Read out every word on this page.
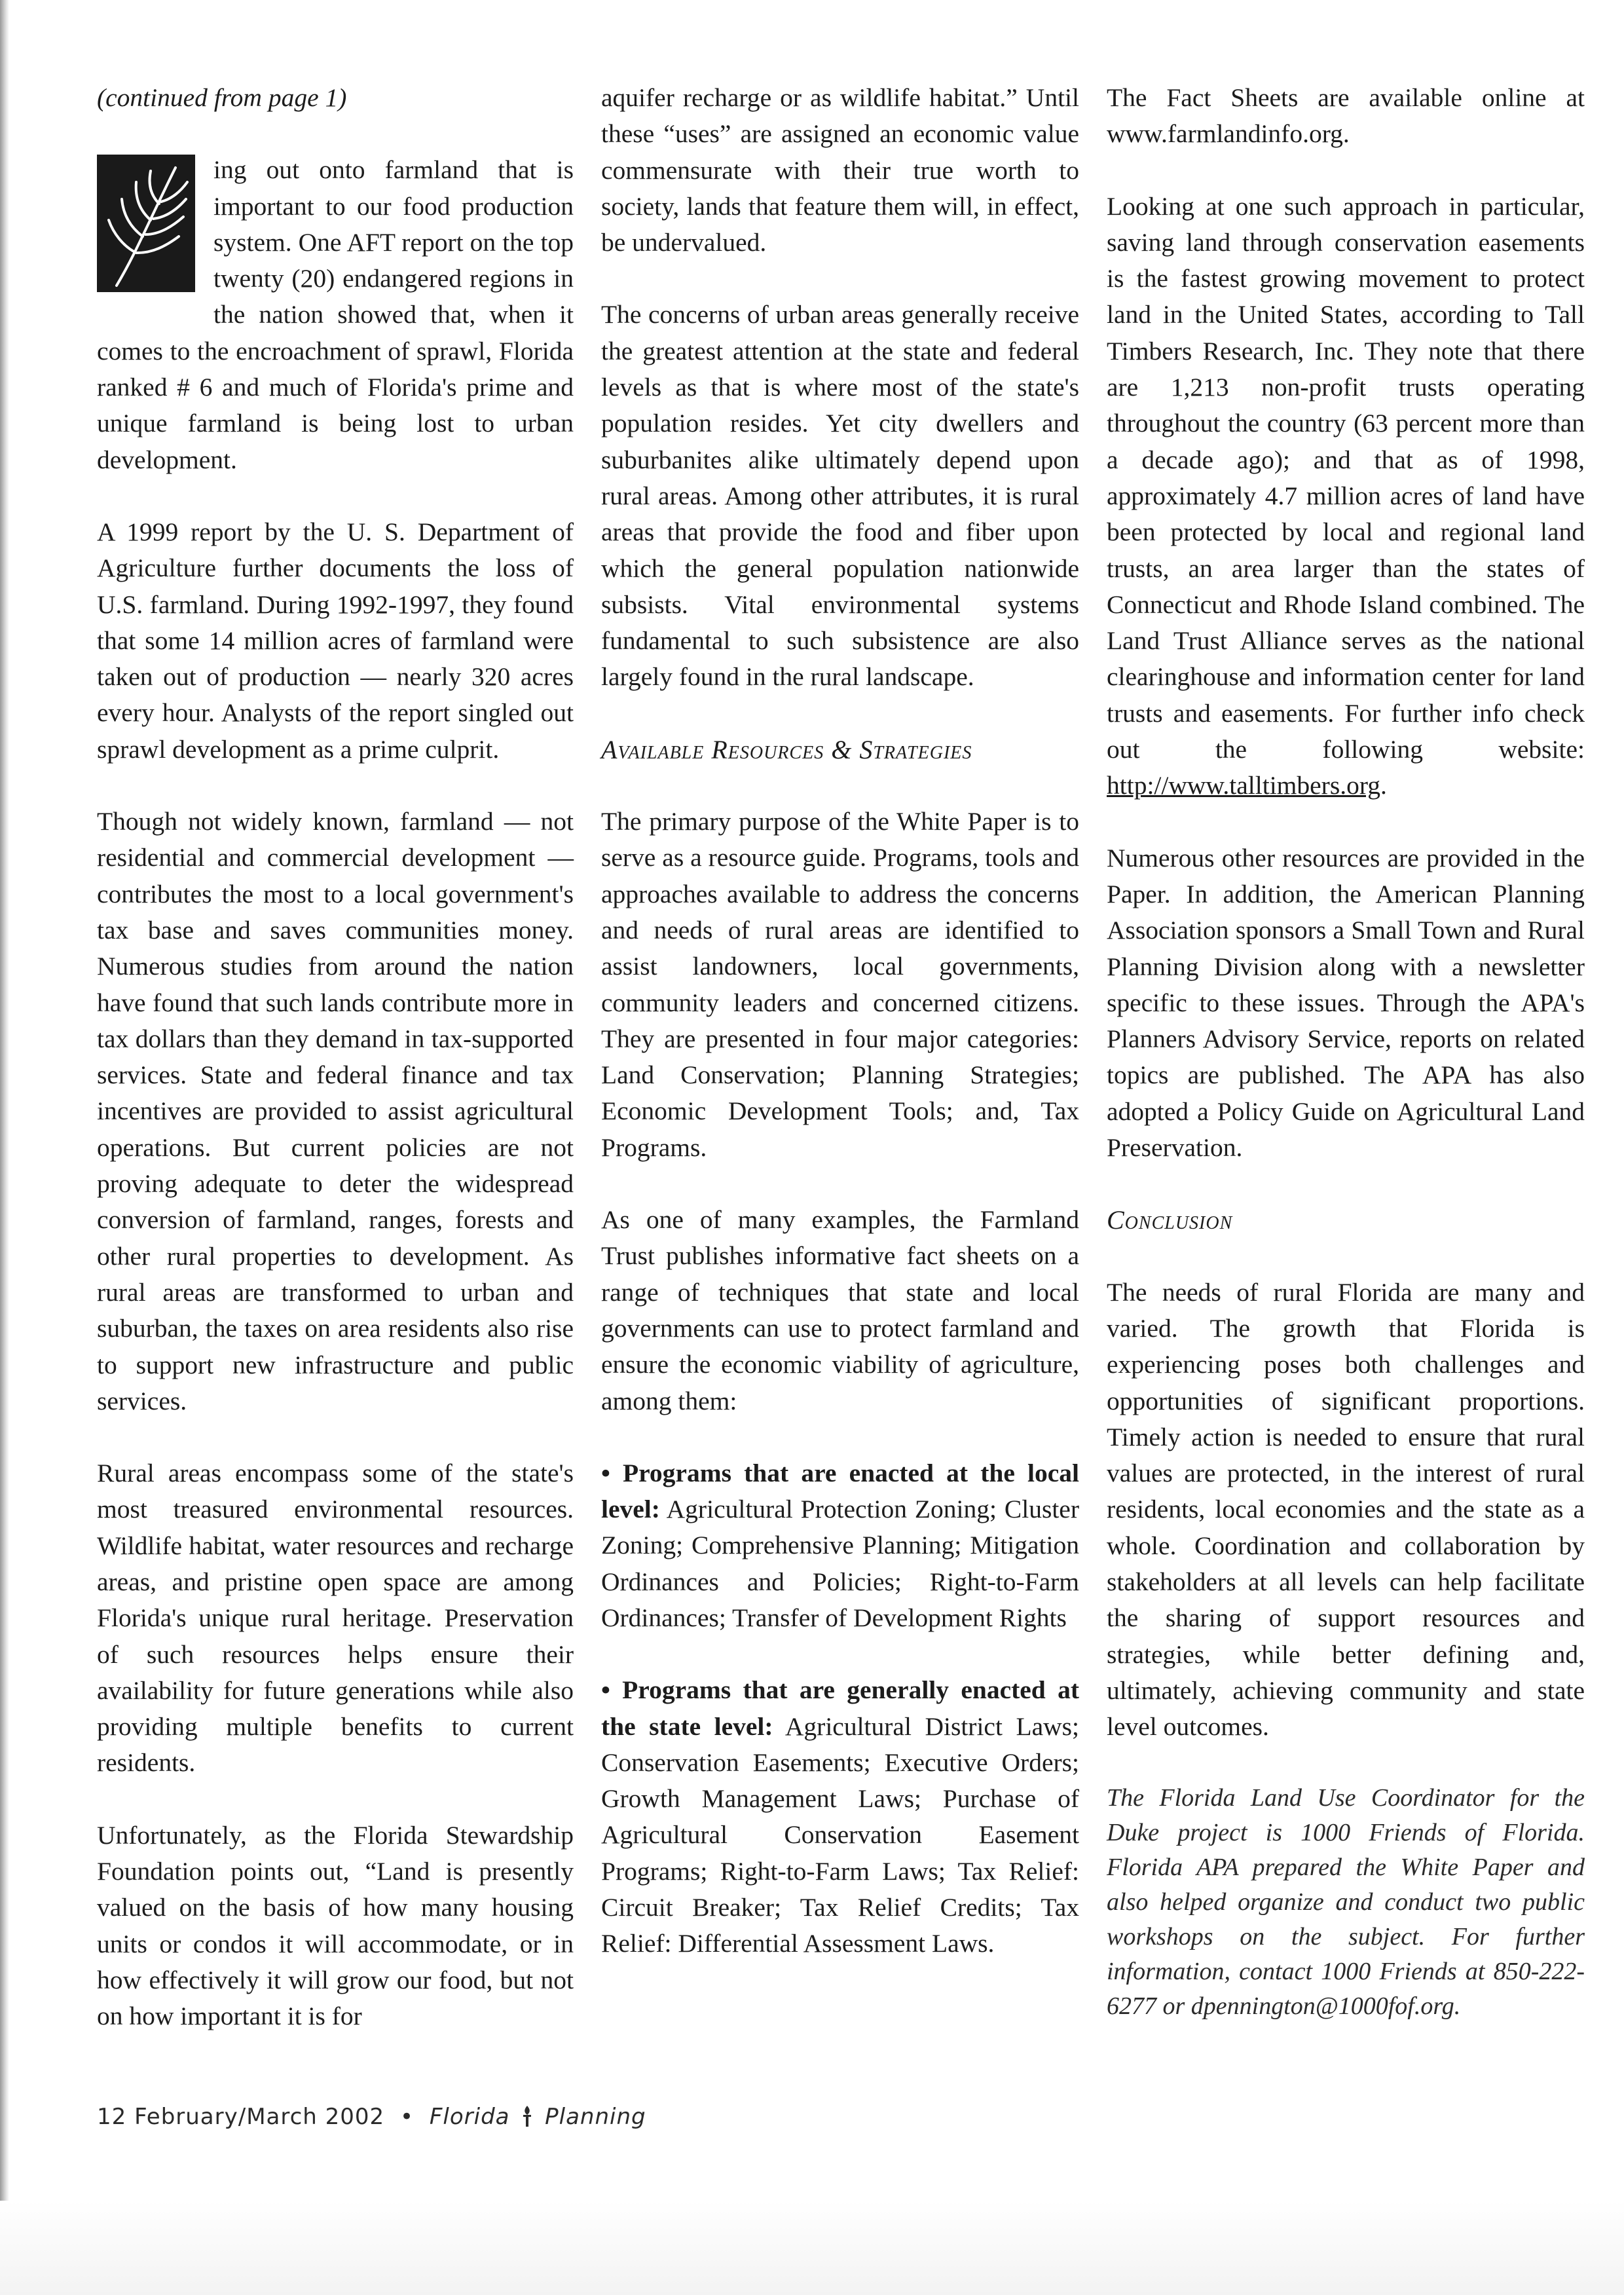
(continued from page 1)

ing out onto farmland that is important to our food production system. One AFT report on the top twenty (20) endangered regions in the nation showed that, when it comes to the encroachment of sprawl, Florida ranked # 6 and much of Florida's prime and unique farmland is being lost to urban development.

A 1999 report by the U. S. Department of Agriculture further documents the loss of U.S. farmland. During 1992-1997, they found that some 14 million acres of farmland were taken out of production — nearly 320 acres every hour. Analysts of the report singled out sprawl development as a prime culprit.

Though not widely known, farmland — not residential and commercial development — contributes the most to a local government's tax base and saves communities money. Numerous studies from around the nation have found that such lands contribute more in tax dollars than they demand in tax-supported services. State and federal finance and tax incentives are provided to assist agricultural operations. But current policies are not proving adequate to deter the widespread conversion of farmland, ranges, forests and other rural properties to development. As rural areas are transformed to urban and suburban, the taxes on area residents also rise to support new infrastructure and public services.

Rural areas encompass some of the state's most treasured environmental resources. Wildlife habitat, water resources and recharge areas, and pristine open space are among Florida's unique rural heritage. Preservation of such resources helps ensure their availability for future generations while also providing multiple benefits to current residents.

Unfortunately, as the Florida Stewardship Foundation points out, “Land is presently valued on the basis of how many housing units or condos it will accommodate, or in how effectively it will grow our food, but not on how important it is for

aquifer recharge or as wildlife habitat.” Until these “uses” are assigned an economic value commensurate with their true worth to society, lands that feature them will, in effect, be undervalued.

The concerns of urban areas generally receive the greatest attention at the state and federal levels as that is where most of the state's population resides. Yet city dwellers and suburbanites alike ultimately depend upon rural areas. Among other attributes, it is rural areas that provide the food and fiber upon which the general population nationwide subsists. Vital environmental systems fundamental to such subsistence are also largely found in the rural landscape.

Available Resources & Strategies

The primary purpose of the White Paper is to serve as a resource guide. Programs, tools and approaches available to address the concerns and needs of rural areas are identified to assist landowners, local governments, community leaders and concerned citizens. They are presented in four major categories: Land Conservation; Planning Strategies; Economic Development Tools; and, Tax Programs.

As one of many examples, the Farmland Trust publishes informative fact sheets on a range of techniques that state and local governments can use to protect farmland and ensure the economic viability of agriculture, among them:

• Programs that are enacted at the local level: Agricultural Protection Zoning; Cluster Zoning; Comprehensive Planning; Mitigation Ordinances and Policies; Right-to-Farm Ordinances; Transfer of Development Rights

• Programs that are generally enacted at the state level: Agricultural District Laws; Conservation Easements; Executive Orders; Growth Management Laws; Purchase of Agricultural Conservation Easement Programs; Right-to-Farm Laws; Tax Relief: Circuit Breaker; Tax Relief Credits; Tax Relief: Differential Assessment Laws.

The Fact Sheets are available online at www.farmlandinfo.org.

Looking at one such approach in particular, saving land through conservation easements is the fastest growing movement to protect land in the United States, according to Tall Timbers Research, Inc. They note that there are 1,213 non-profit trusts operating throughout the country (63 percent more than a decade ago); and that as of 1998, approximately 4.7 million acres of land have been protected by local and regional land trusts, an area larger than the states of Connecticut and Rhode Island combined. The Land Trust Alliance serves as the national clearinghouse and information center for land trusts and easements. For further info check out the following website: http://www.talltimbers.org.

Numerous other resources are provided in the Paper. In addition, the American Planning Association sponsors a Small Town and Rural Planning Division along with a newsletter specific to these issues. Through the APA's Planners Advisory Service, reports on related topics are published. The APA has also adopted a Policy Guide on Agricultural Land Preservation.

Conclusion

The needs of rural Florida are many and varied. The growth that Florida is experiencing poses both challenges and opportunities of significant proportions. Timely action is needed to ensure that rural values are protected, in the interest of rural residents, local economies and the state as a whole. Coordination and collaboration by stakeholders at all levels can help facilitate the sharing of support resources and strategies, while better defining and, ultimately, achieving community and state level outcomes.

The Florida Land Use Coordinator for the Duke project is 1000 Friends of Florida. Florida APA prepared the White Paper and also helped organize and conduct two public workshops on the subject. For further information, contact 1000 Friends at 850-222-6277 or dpennington@1000fof.org.

12 February/March 2002 • Florida Planning
